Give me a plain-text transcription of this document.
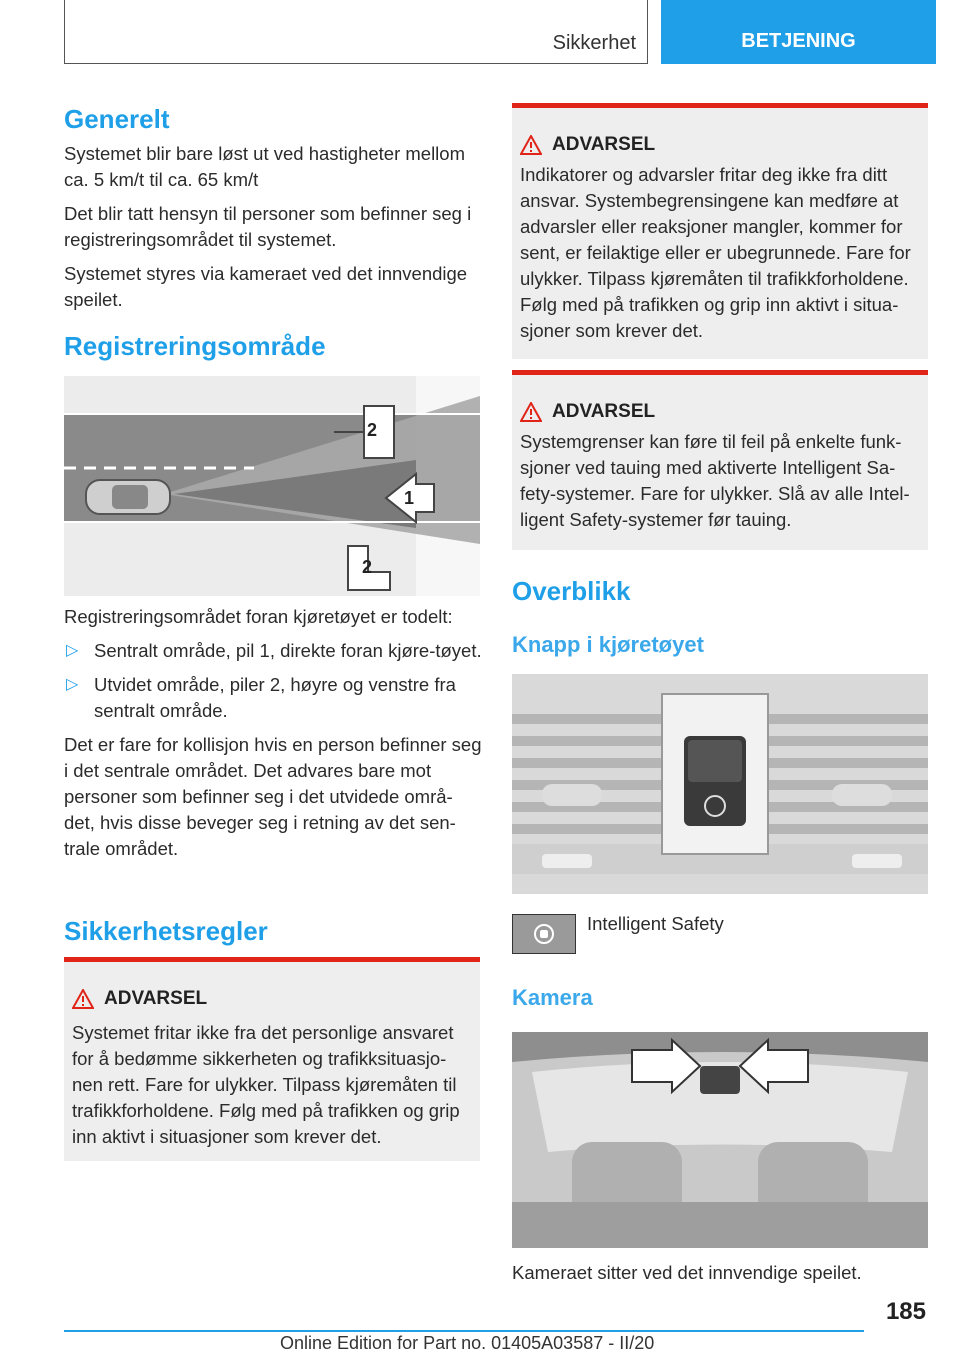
Sikkerhet	BETJENING
Generelt

Systemet blir bare løst ut ved hastigheter mellom ca. 5 km/t til ca. 65 km/t

Det blir tatt hensyn til personer som befinner seg i registreringsområdet til systemet.

Systemet styres via kameraet ved det innvendige speilet.

Registreringsområde
2
1
2

Registreringsområdet foran kjøretøyet er todelt:

▷ Sentralt område, pil 1, direkte foran kjøre-tøyet.
▷ Utvidet område, piler 2, høyre og venstre fra sentralt område.

Det er fare for kollisjon hvis en person befinner seg i det sentrale området. Det advares bare mot personer som befinner seg i det utvidede områ-det, hvis disse beveger seg i retning av det sen-trale området.

Sikkerhetsregler
ADVARSEL
Systemet fritar ikke fra det personlige ansvaret for å bedømme sikkerheten og trafikksituasjo-nen rett. Fare for ulykker. Tilpass kjøremåten til trafikkforholdene. Følg med på trafikken og grip inn aktivt i situasjoner som krever det.
ADVARSEL
Indikatorer og advarsler fritar deg ikke fra ditt ansvar. Systembegrensingene kan medføre at advarsler eller reaksjoner mangler, kommer for sent, er feilaktige eller er ubegrunnede. Fare for ulykker. Tilpass kjøremåten til trafikkforholdene. Følg med på trafikken og grip inn aktivt i situa-sjoner som krever det.
ADVARSEL
Systemgrenser kan føre til feil på enkelte funk-sjoner ved tauing med aktiverte Intelligent Sa-fety-systemer. Fare for ulykker. Slå av alle Intel-ligent Safety-systemer før tauing.
Overblikk
Knapp i kjøretøyet
Intelligent Safety
Kamera
Kameraet sitter ved det innvendige speilet.
185
Online Edition for Part no. 01405A03587 - II/20
